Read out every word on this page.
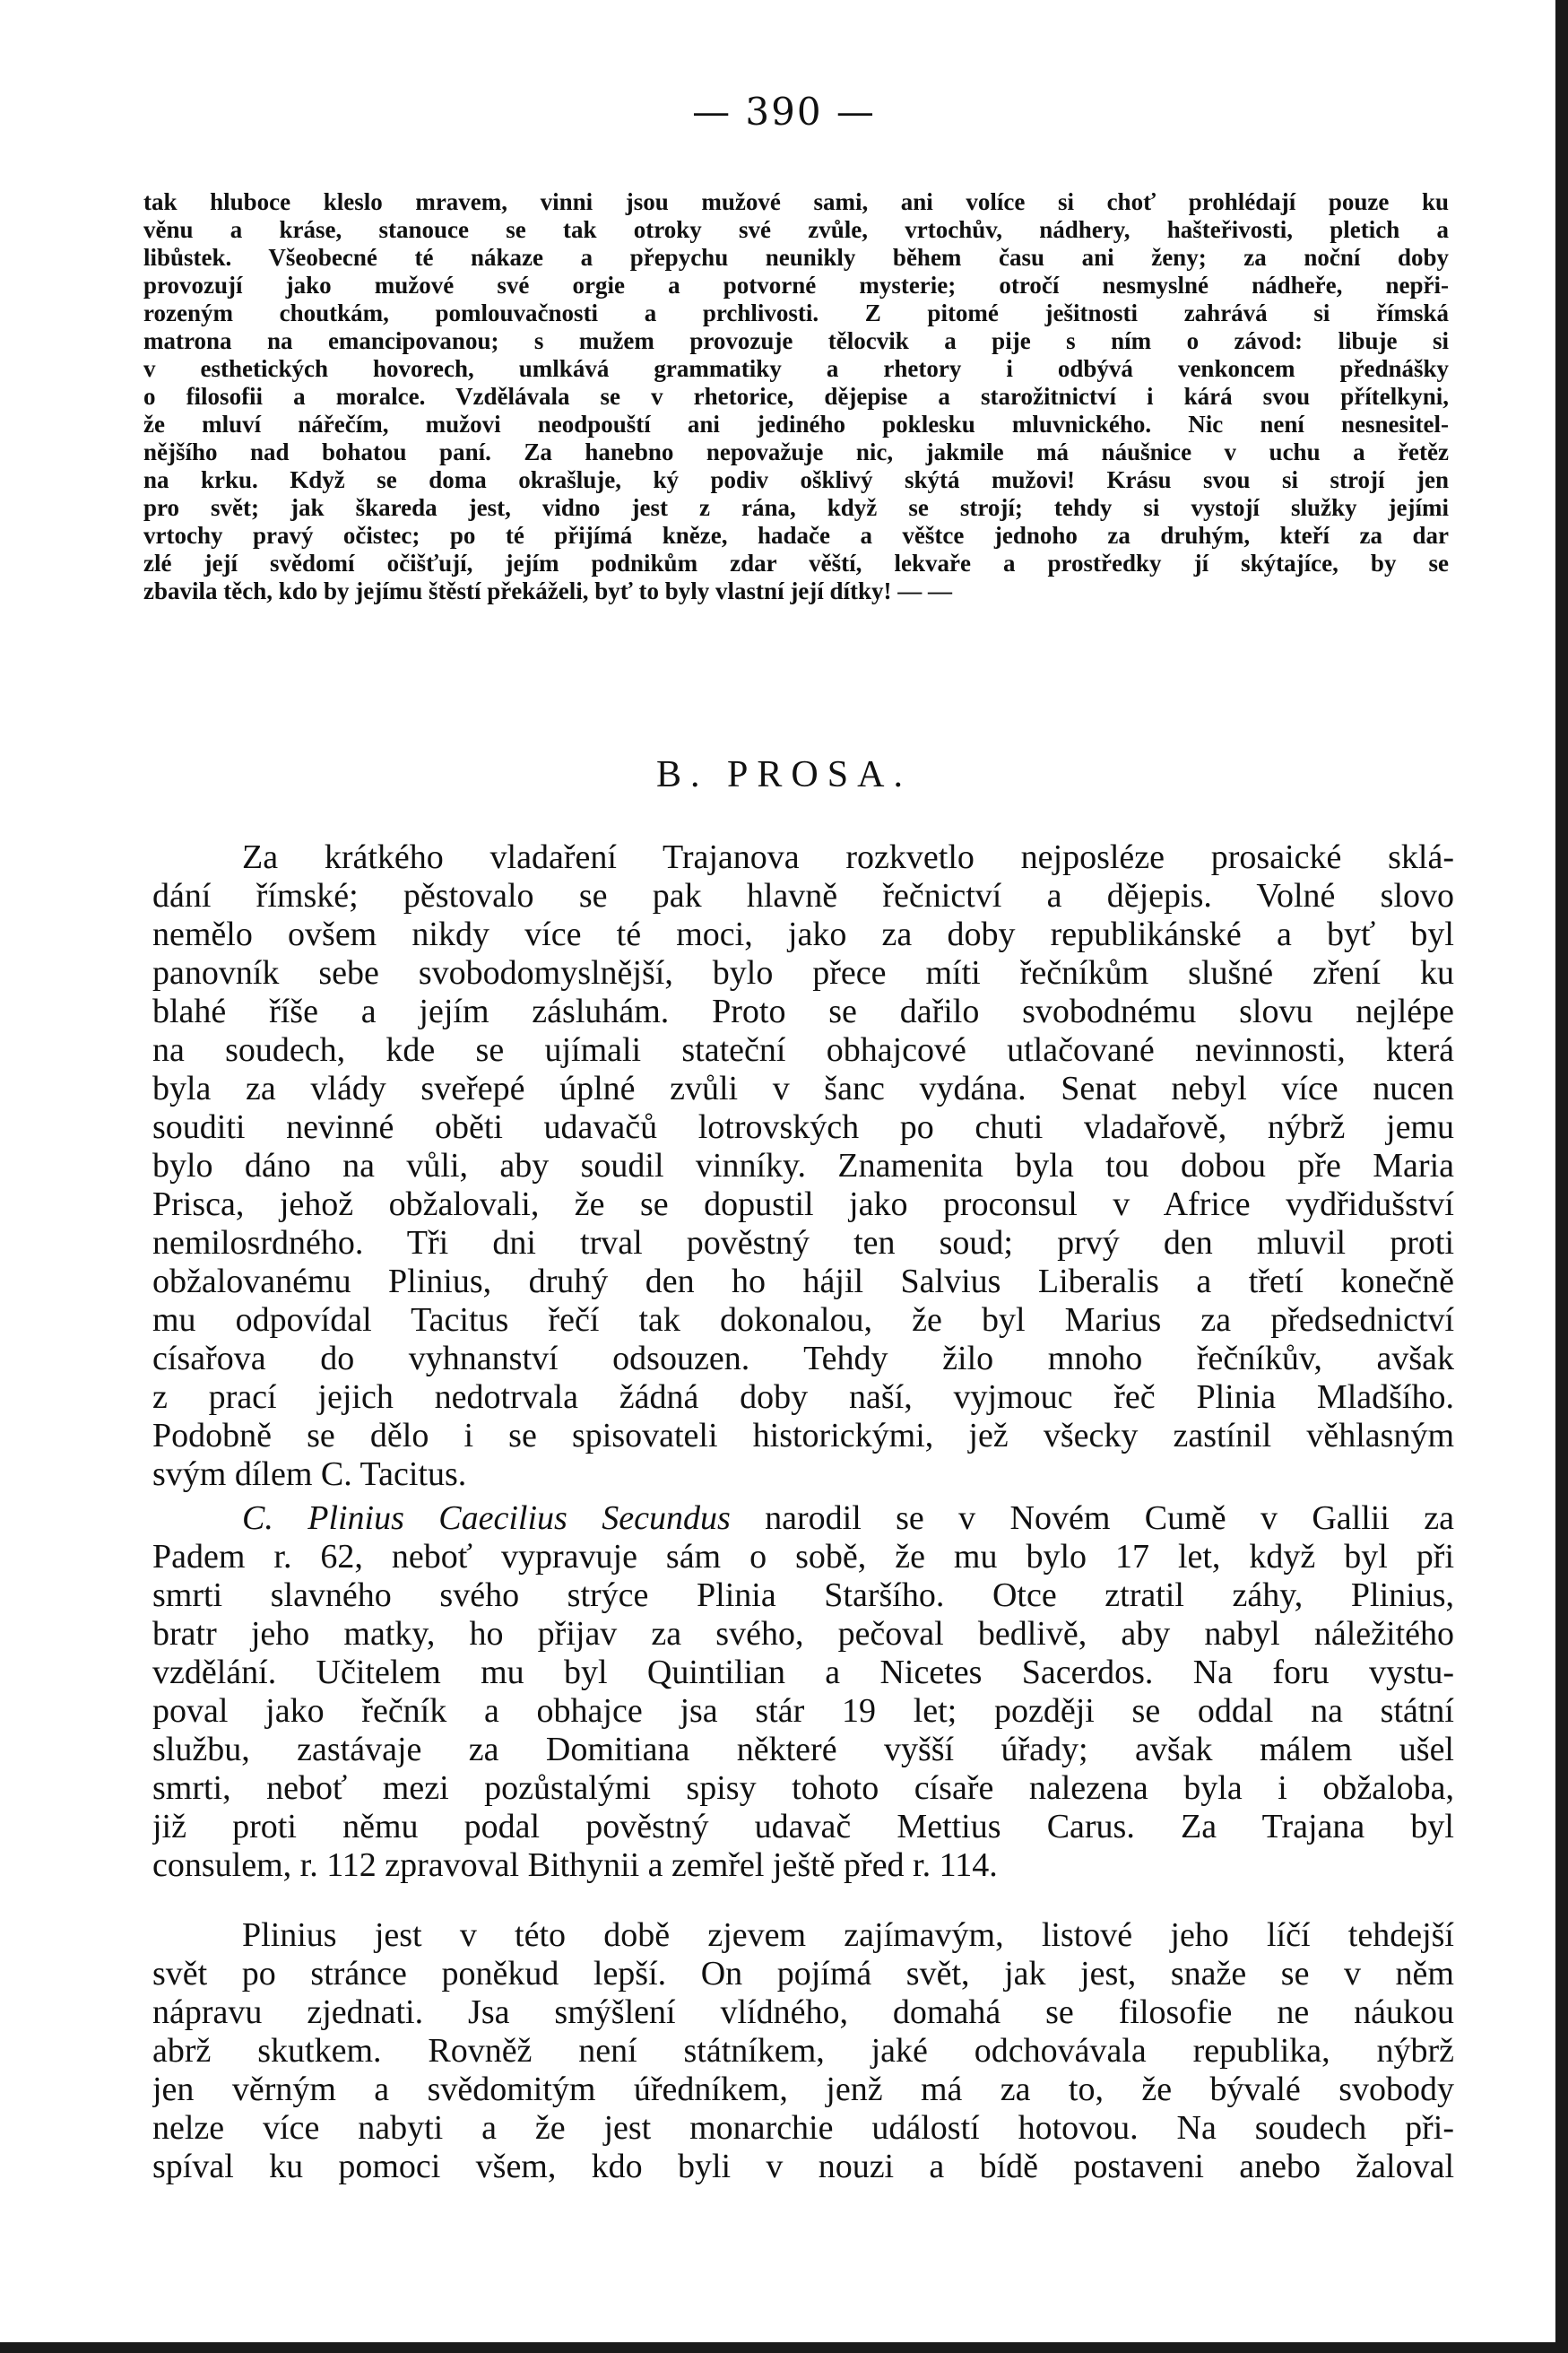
— 390 —
tak hluboce kleslo mravem, vinni jsou mužové sami, ani volíce si choť prohlédají pouze ku
věnu a kráse, stanouce se tak otroky své zvůle, vrtochův, nádhery, hašteřivosti, pletich a
libůstek. Všeobecné té nákaze a přepychu neunikly během času ani ženy; za noční doby
provozují jako mužové své orgie a potvorné mysterie; otročí nesmyslné nádheře, nepři-
rozeným choutkám, pomlouvačnosti a prchlivosti. Z pitomé ješitnosti zahrává si římská
matrona na emancipovanou; s mužem provozuje tělocvik a pije s ním o závod: libuje si
v esthetických hovorech, umlkává grammatiky a rhetory i odbývá venkoncem přednášky
o filosofii a moralce. Vzdělávala se v rhetorice, dějepise a starožitnictví i kárá svou přítelkyni,
že mluví nářečím, mužovi neodpouští ani jediného poklesku mluvnického. Nic není nesnesitel-
nějšího nad bohatou paní. Za hanebno nepovažuje nic, jakmile má náušnice v uchu a řetěz
na krku. Když se doma okrašluje, ký podiv ošklivý skýtá mužovi! Krásu svou si strojí jen
pro svět; jak škareda jest, vidno jest z rána, když se strojí; tehdy si vystojí služky jejími
vrtochy pravý očistec; po té přijímá kněze, hadače a věštce jednoho za druhým, kteří za dar
zlé její svědomí očišťují, jejím podnikům zdar věští, lekvaře a prostředky jí skýtajíce, by se
zbavila těch, kdo by jejímu štěstí překáželi, byť to byly vlastní její dítky! — —
B. PROSA.
Za krátkého vladaření Trajanova rozkvetlo nejposléze prosaické sklá-
dání římské; pěstovalo se pak hlavně řečnictví a dějepis. Volné slovo
nemělo ovšem nikdy více té moci, jako za doby republikánské a byť byl
panovník sebe svobodomyslnější, bylo přece míti řečníkům slušné zření ku
blahé říše a jejím zásluhám. Proto se dařilo svobodnému slovu nejlépe
na soudech, kde se ujímali stateční obhajcové utlačované nevinnosti, která
byla za vlády sveřepé úplné zvůli v šanc vydána. Senat nebyl více nucen
souditi nevinné oběti udavačů lotrovských po chuti vladařově, nýbrž jemu
bylo dáno na vůli, aby soudil vinníky. Znamenita byla tou dobou pře Maria
Prisca, jehož obžalovali, že se dopustil jako proconsul v Africe vydřidušství
nemilosrdného. Tři dni trval pověstný ten soud; prvý den mluvil proti
obžalovanému Plinius, druhý den ho hájil Salvius Liberalis a třetí konečně
mu odpovídal Tacitus řečí tak dokonalou, že byl Marius za předsednictví
císařova do vyhnanství odsouzen. Tehdy žilo mnoho řečníkův, avšak
z prací jejich nedotrvala žádná doby naší, vyjmouc řeč Plinia Mladšího.
Podobně se dělo i se spisovateli historickými, jež všecky zastínil věhlasným
svým dílem C. Tacitus.
C. Plinius Caecilius Secundus narodil se v Novém Cumě v Gallii za
Padem r. 62, neboť vypravuje sám o sobě, že mu bylo 17 let, když byl při
smrti slavného svého strýce Plinia Staršího. Otce ztratil záhy, Plinius,
bratr jeho matky, ho přijav za svého, pečoval bedlivě, aby nabyl náležitého
vzdělání. Učitelem mu byl Quintilian a Nicetes Sacerdos. Na foru vystu-
poval jako řečník a obhajce jsa stár 19 let; později se oddal na státní
službu, zastávaje za Domitiana některé vyšší úřady; avšak málem ušel
smrti, neboť mezi pozůstalými spisy tohoto císaře nalezena byla i obžaloba,
již proti němu podal pověstný udavač Mettius Carus. Za Trajana byl
consulem, r. 112 zpravoval Bithynii a zemřel ještě před r. 114.
Plinius jest v této době zjevem zajímavým, listové jeho líčí tehdejší
svět po stránce poněkud lepší. On pojímá svět, jak jest, snaže se v něm
nápravu zjednati. Jsa smýšlení vlídného, domahá se filosofie ne náukou
abrž skutkem. Rovněž není státníkem, jaké odchovávala republika, nýbrž
jen věrným a svědomitým úředníkem, jenž má za to, že bývalé svobody
nelze více nabyti a že jest monarchie událostí hotovou. Na soudech při-
spíval ku pomoci všem, kdo byli v nouzi a bídě postaveni anebo žaloval
